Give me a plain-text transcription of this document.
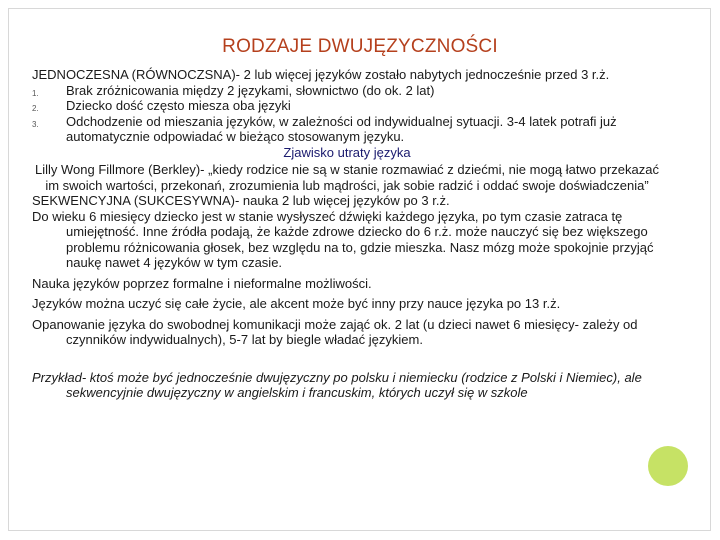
RODZAJE DWUJĘZYCZNOŚCI

JEDNOCZESNA (RÓWNOCZSNA)- 2 lub więcej języków zostało nabytych jednocześnie przed 3 r.ż.

1. Brak zróżnicowania między 2 językami, słownictwo (do ok. 2 lat)
2. Dziecko dość często miesza oba języki
3. Odchodzenie od mieszania języków, w zależności od indywidualnej sytuacji. 3-4 latek potrafi już automatycznie odpowiadać w bieżąco stosowanym języku.
Zjawisko utraty języka
Lilly Wong Fillmore (Berkley)- „kiedy rodzice nie są w stanie rozmawiać z dziećmi, nie mogą łatwo przekazać im swoich wartości, przekonań, zrozumienia lub mądrości, jak sobie radzić i oddać swoje doświadczenia”

SEKWENCYJNA (SUKCESYWNA)- nauka 2 lub więcej języków po 3 r.ż.

Do wieku 6 miesięcy dziecko jest w stanie wysłyszeć dźwięki każdego języka, po tym czasie zatraca tę umiejętność. Inne źródła podają, że każde zdrowe dziecko do 6 r.ż. może nauczyć się bez większego problemu różnicowania głosek, bez względu na to, gdzie mieszka. Nasz mózg może spokojnie przyjąć naukę nawet 4 języków w tym czasie.

Nauka języków poprzez formalne i nieformalne możliwości.

Języków można uczyć się całe życie, ale akcent może być inny przy nauce języka po 13 r.ż.

Opanowanie języka do swobodnej komunikacji może zająć ok. 2 lat (u dzieci nawet 6 miesięcy- zależy od czynników indywidualnych), 5-7 lat by biegle władać językiem.

Przykład- ktoś może być jednocześnie dwujęzyczny po polsku i niemiecku (rodzice z Polski i Niemiec), ale sekwencyjnie dwujęzyczny w angielskim i francuskim, których uczył się w szkole
